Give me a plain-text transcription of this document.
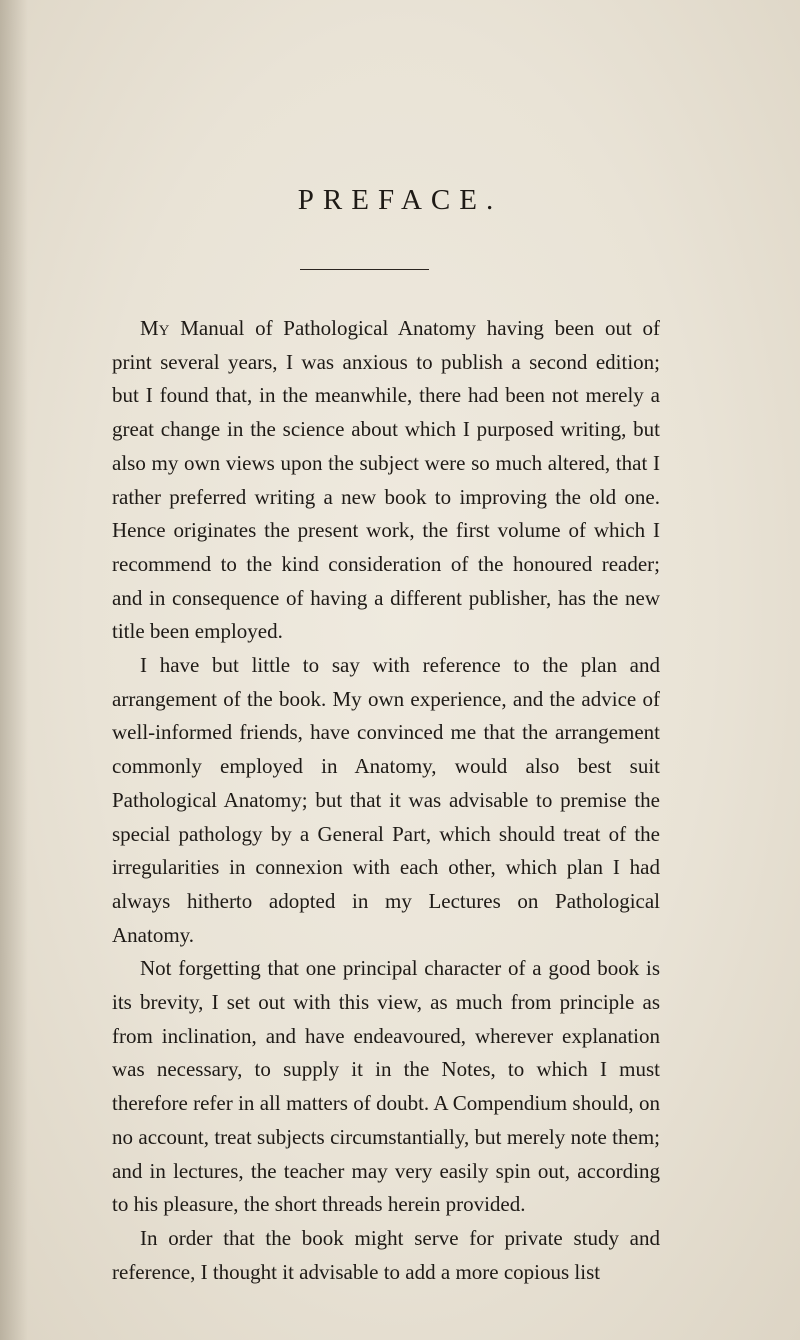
PREFACE.

My Manual of Pathological Anatomy having been out of print several years, I was anxious to publish a second edition; but I found that, in the meanwhile, there had been not merely a great change in the science about which I purposed writing, but also my own views upon the subject were so much altered, that I rather preferred writing a new book to improving the old one. Hence originates the present work, the first volume of which I recommend to the kind consideration of the honoured reader; and in consequence of having a different publisher, has the new title been employed.

I have but little to say with reference to the plan and arrangement of the book. My own experience, and the advice of well-informed friends, have convinced me that the arrangement commonly employed in Anatomy, would also best suit Pathological Anatomy; but that it was advisable to premise the special pathology by a General Part, which should treat of the irregularities in connexion with each other, which plan I had always hitherto adopted in my Lectures on Pathological Anatomy.

Not forgetting that one principal character of a good book is its brevity, I set out with this view, as much from principle as from inclination, and have endeavoured, wherever explanation was necessary, to supply it in the Notes, to which I must therefore refer in all matters of doubt. A Compendium should, on no account, treat subjects circumstantially, but merely note them; and in lectures, the teacher may very easily spin out, according to his pleasure, the short threads herein provided.

In order that the book might serve for private study and reference, I thought it advisable to add a more copious list
